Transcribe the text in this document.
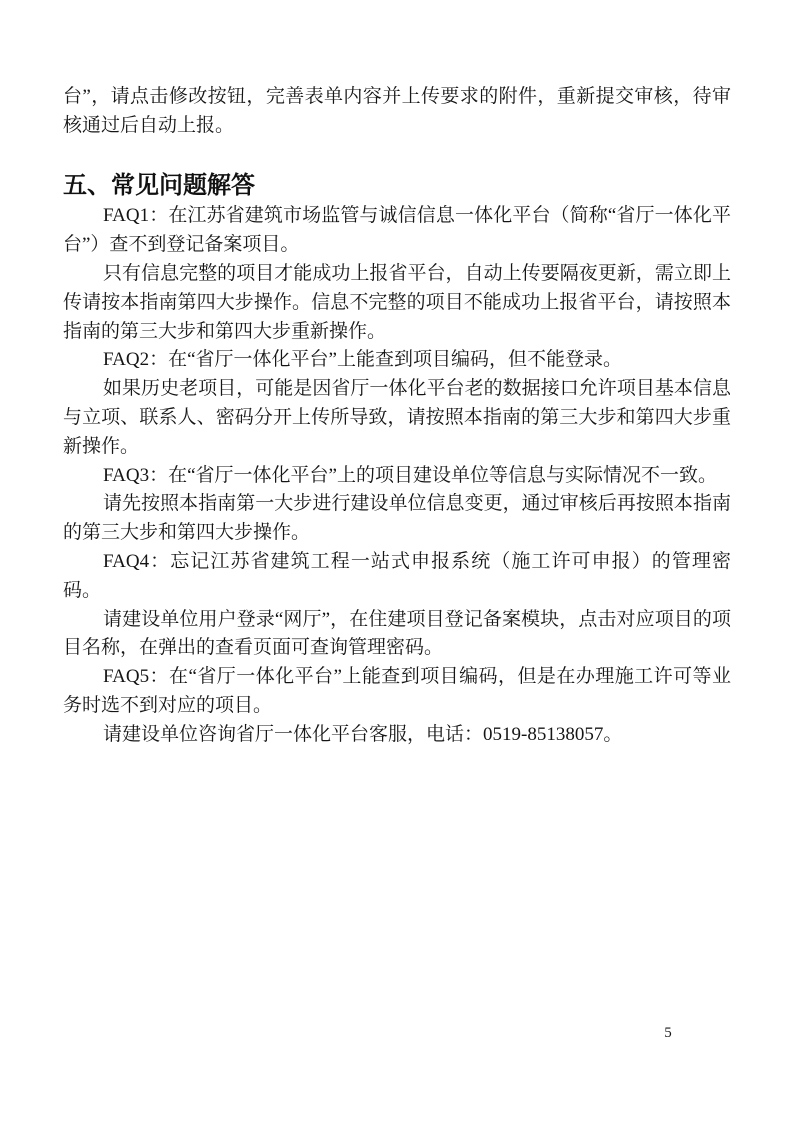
台”，请点击修改按钮，完善表单内容并上传要求的附件，重新提交审核，待审核通过后自动上报。

五、常见问题解答

FAQ1：在江苏省建筑市场监管与诚信信息一体化平台（简称“省厅一体化平台”）查不到登记备案项目。

只有信息完整的项目才能成功上报省平台，自动上传要隔夜更新，需立即上传请按本指南第四大步操作。信息不完整的项目不能成功上报省平台，请按照本指南的第三大步和第四大步重新操作。

FAQ2：在“省厅一体化平台”上能查到项目编码，但不能登录。

如果历史老项目，可能是因省厅一体化平台老的数据接口允许项目基本信息与立项、联系人、密码分开上传所导致，请按照本指南的第三大步和第四大步重新操作。

FAQ3：在“省厅一体化平台”上的项目建设单位等信息与实际情况不一致。

请先按照本指南第一大步进行建设单位信息变更，通过审核后再按照本指南的第三大步和第四大步操作。

FAQ4：忘记江苏省建筑工程一站式申报系统（施工许可申报）的管理密码。

请建设单位用户登录“网厅”，在住建项目登记备案模块，点击对应项目的项目名称，在弹出的查看页面可查询管理密码。

FAQ5：在“省厅一体化平台”上能查到项目编码，但是在办理施工许可等业务时选不到对应的项目。

请建设单位咨询省厅一体化平台客服，电话：0519-85138057。

5
